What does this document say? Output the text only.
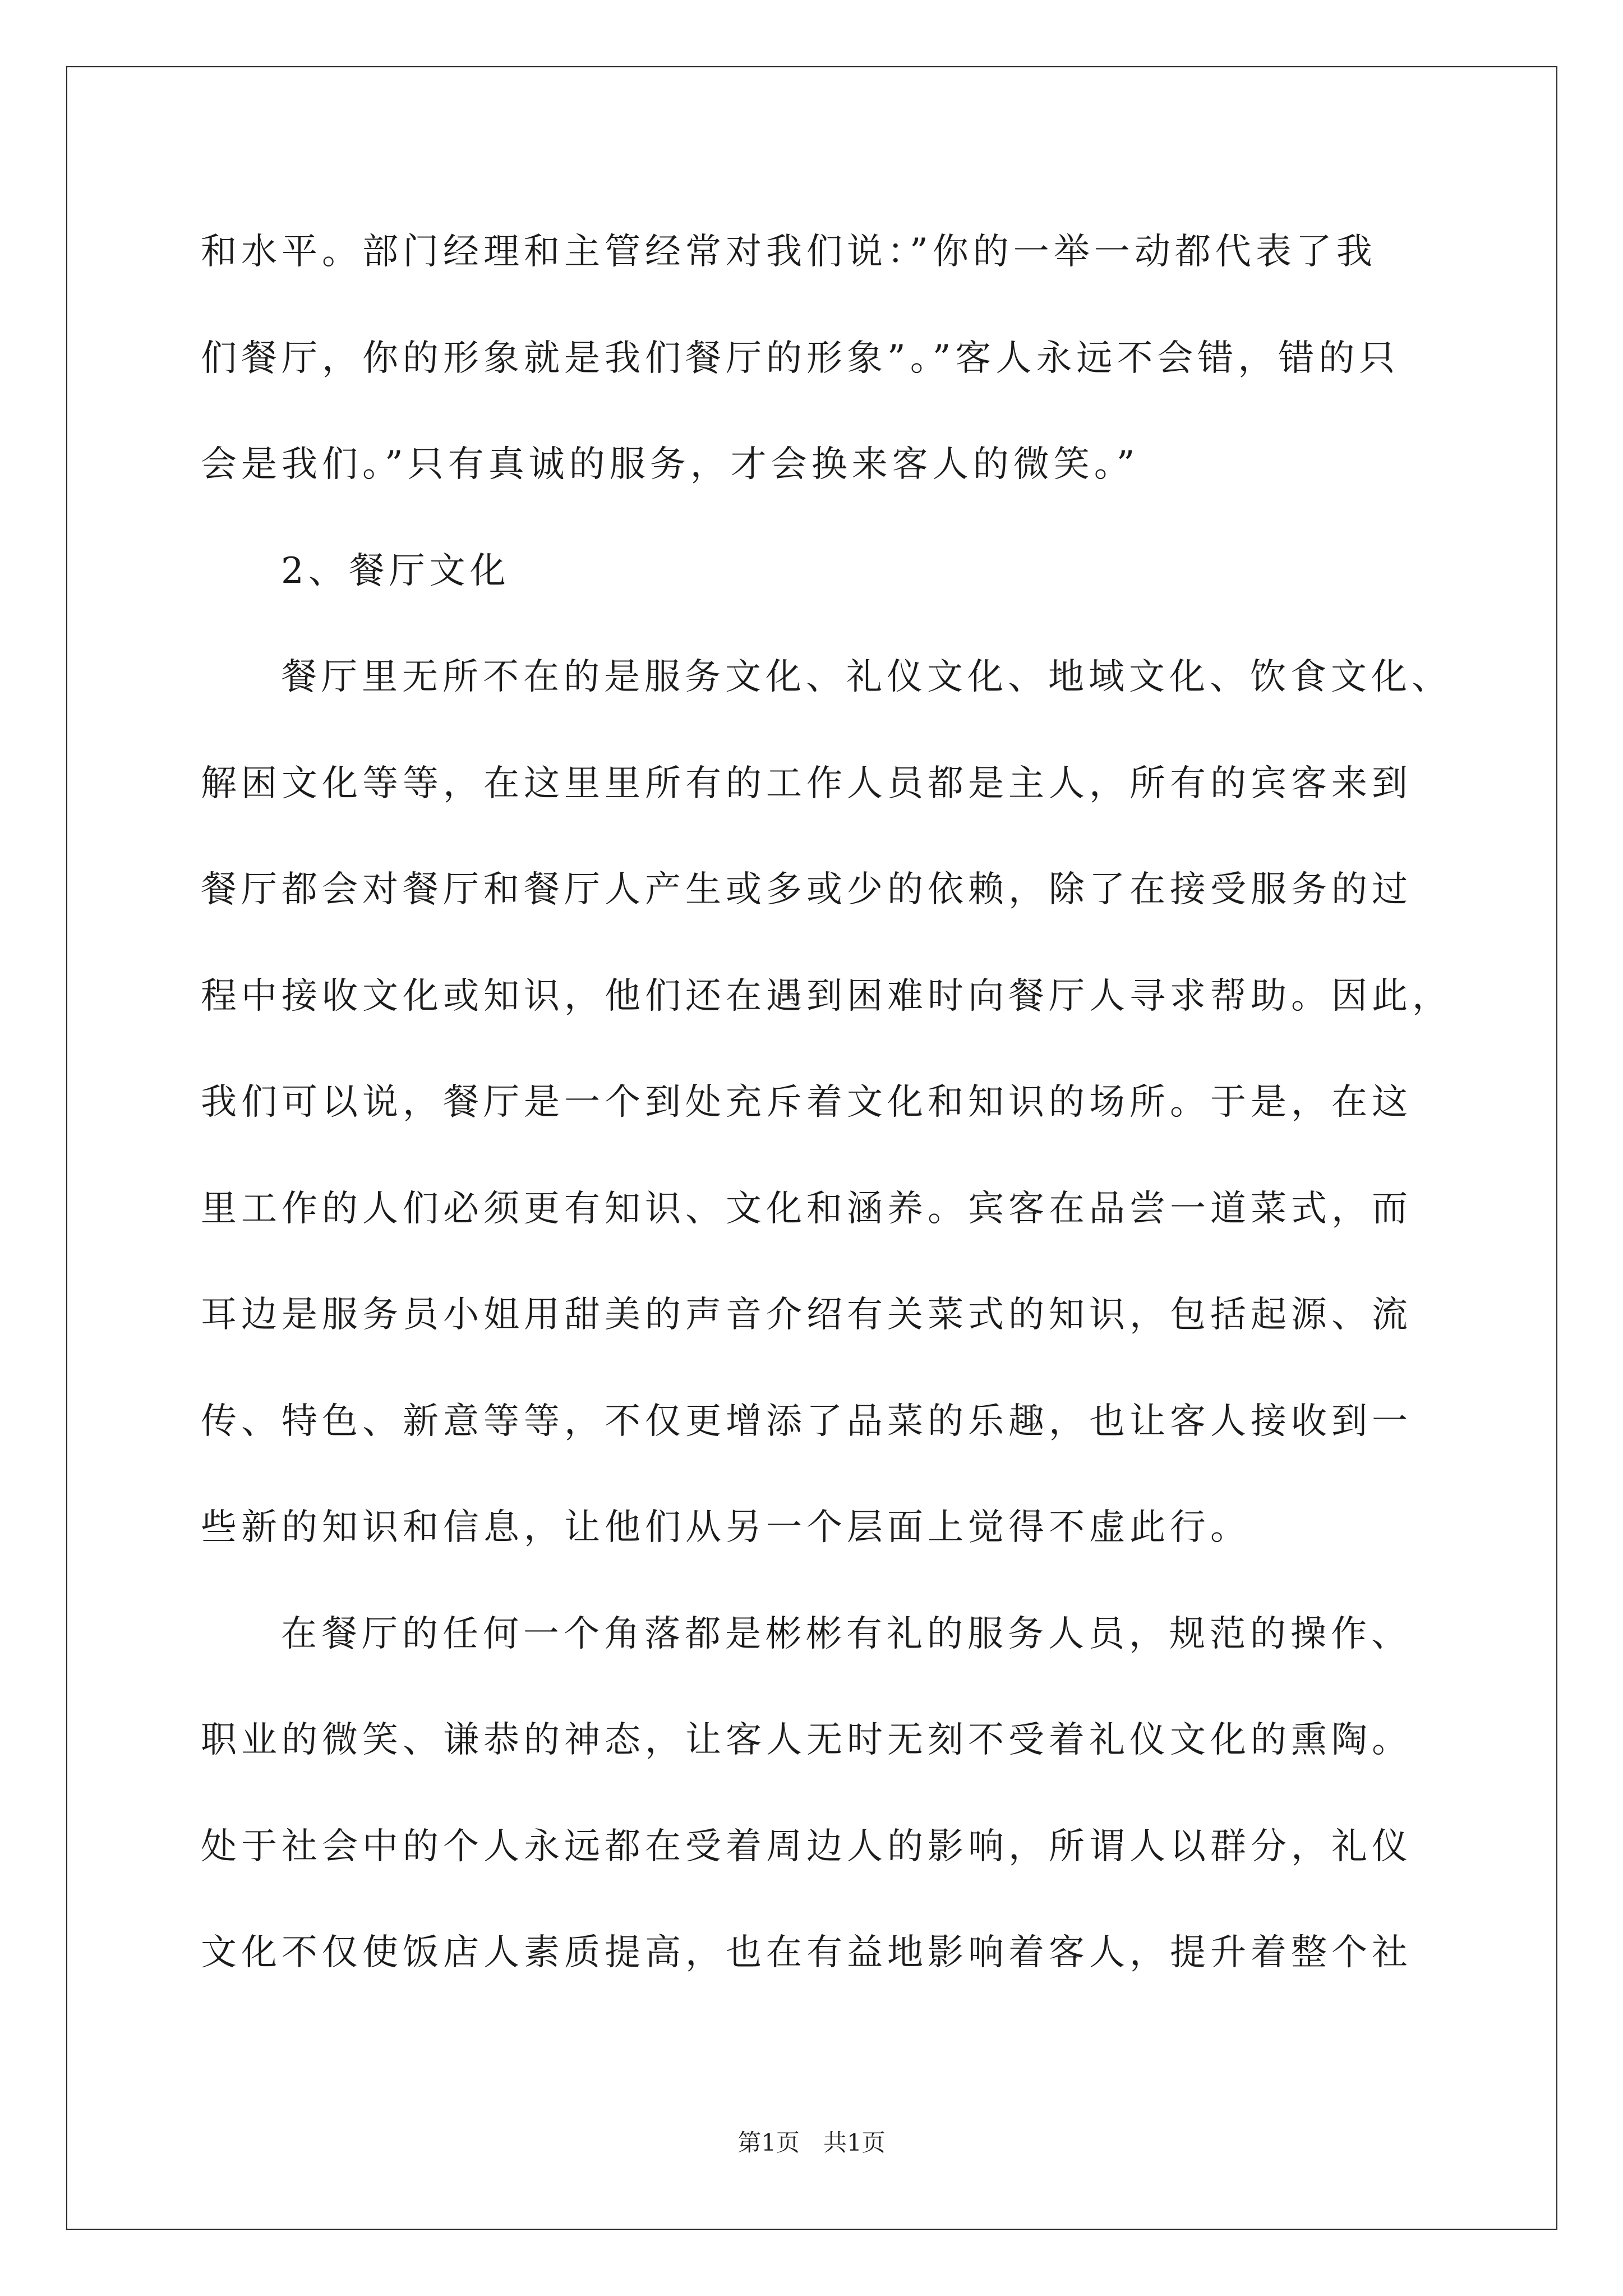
和水平。部门经理和主管经常对我们说：”你的一举一动都代表了我
们餐厅，你的形象就是我们餐厅的形象”。”客人永远不会错，错的只
会是我们。”只有真诚的服务，才会换来客人的微笑。”
2、餐厅文化
餐厅里无所不在的是服务文化、礼仪文化、地域文化、饮食文化、
解困文化等等，在这里里所有的工作人员都是主人，所有的宾客来到
餐厅都会对餐厅和餐厅人产生或多或少的依赖，除了在接受服务的过
程中接收文化或知识，他们还在遇到困难时向餐厅人寻求帮助。因此，
我们可以说，餐厅是一个到处充斥着文化和知识的场所。于是，在这
里工作的人们必须更有知识、文化和涵养。宾客在品尝一道菜式，而
耳边是服务员小姐用甜美的声音介绍有关菜式的知识，包括起源、流
传、特色、新意等等，不仅更增添了品菜的乐趣，也让客人接收到一
些新的知识和信息，让他们从另一个层面上觉得不虚此行。
在餐厅的任何一个角落都是彬彬有礼的服务人员，规范的操作、
职业的微笑、谦恭的神态，让客人无时无刻不受着礼仪文化的熏陶。
处于社会中的个人永远都在受着周边人的影响，所谓人以群分，礼仪
文化不仅使饭店人素质提高，也在有益地影响着客人，提升着整个社
第1页 共1页
